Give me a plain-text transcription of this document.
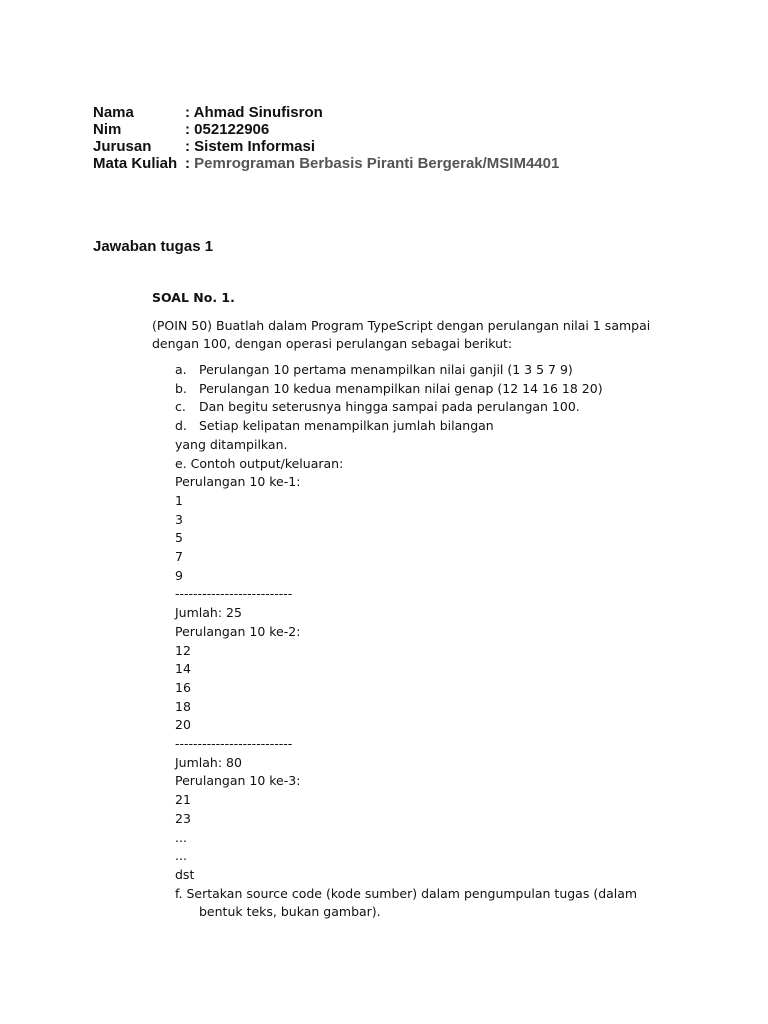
Nama	: Ahmad Sinufisron
Nim	: 052122906
Jurusan	: Sistem Informasi
Mata Kuliah : Pemrograman Berbasis Piranti Bergerak/MSIM4401
Jawaban tugas 1
SOAL No. 1.
(POIN 50) Buatlah dalam Program TypeScript dengan perulangan nilai 1 sampai
dengan 100, dengan operasi perulangan sebagai berikut:
a. Perulangan 10 pertama menampilkan nilai ganjil (1 3 5 7 9)
b. Perulangan 10 kedua menampilkan nilai genap (12 14 16 18 20)
c.	Dan begitu seterusnya hingga sampai pada perulangan 100.
d. Setiap kelipatan menampilkan jumlah bilangan
yang ditampilkan.
e. Contoh output/keluaran:
Perulangan 10 ke-1:
1
3
5
7
9
--------------------------
Jumlah: 25
Perulangan 10 ke-2:
12
14
16
18
20
--------------------------
Jumlah: 80
Perulangan 10 ke-3:
21
23
...
...
dst
f. Sertakan source code (kode sumber) dalam pengumpulan tugas (dalam
bentuk teks, bukan gambar).
